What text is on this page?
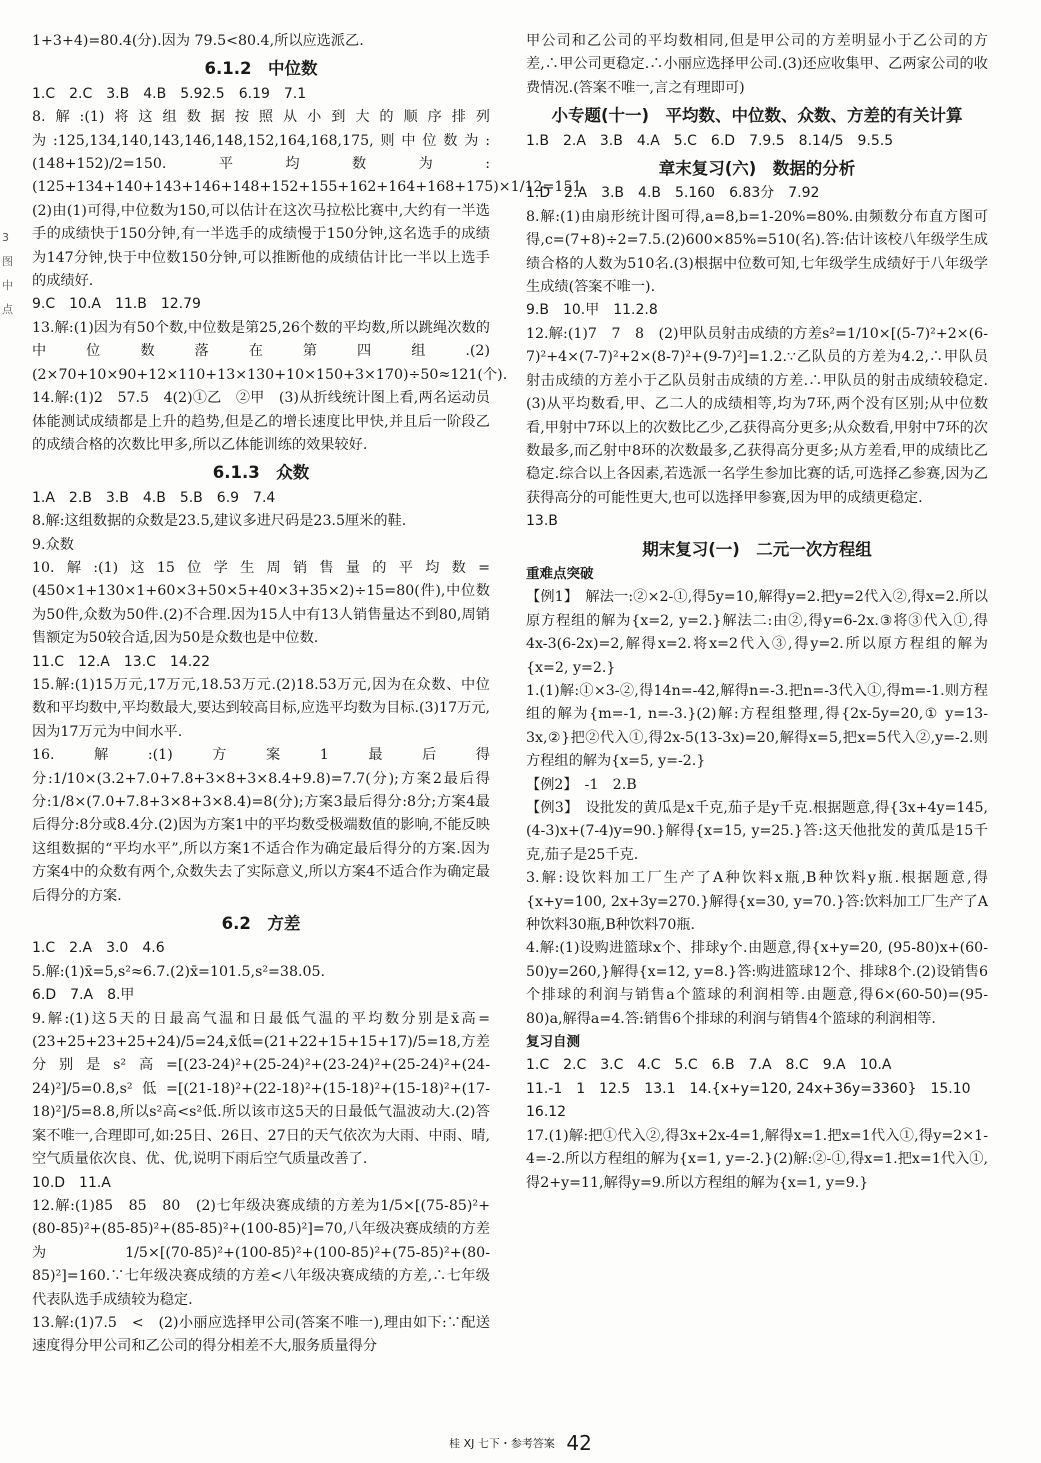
3
图
中
点

1+3+4)=80.4(分).因为 79.5<80.4,所以应选派乙.

6.1.2　中位数

1.C　2.C　3.B　4.B　5.92.5　6.19　7.1

8.解:(1)将这组数据按照从小到大的顺序排列为:125,134,140,143,146,148,152,164,168,175,则中位数为:(148+152)/2=150.平均数为:(125+134+140+143+146+148+152+155+162+164+168+175)×1/12=151.(2)由(1)可得,中位数为150,可以估计在这次马拉松比赛中,大约有一半选手的成绩快于150分钟,有一半选手的成绩慢于150分钟,这名选手的成绩为147分钟,快于中位数150分钟,可以推断他的成绩估计比一半以上选手的成绩好.

9.C　10.A　11.B　12.79

13.解:(1)因为有50个数,中位数是第25,26个数的平均数,所以跳绳次数的中位数落在第四组.(2)(2×70+10×90+12×110+13×130+10×150+3×170)÷50≈121(个).

14.解:(1)2　57.5　4(2)①乙　②甲　(3)从折线统计图上看,两名运动员体能测试成绩都是上升的趋势,但是乙的增长速度比甲快,并且后一阶段乙的成绩合格的次数比甲多,所以乙体能训练的效果较好.

6.1.3　众数

1.A　2.B　3.B　4.B　5.B　6.9　7.4

8.解:这组数据的众数是23.5,建议多进尺码是23.5厘米的鞋.

9.众数

10.解:(1)这15位学生周销售量的平均数=(450×1+130×1+60×3+50×5+40×3+35×2)÷15=80(件),中位数为50件,众数为50件.(2)不合理.因为15人中有13人销售量达不到80,周销售额定为50较合适,因为50是众数也是中位数.

11.C　12.A　13.C　14.22

15.解:(1)15万元,17万元,18.53万元.(2)18.53万元,因为在众数、中位数和平均数中,平均数最大,要达到较高目标,应选平均数为目标.(3)17万元,因为17万元为中间水平.

16.解:(1)方案1最后得分:1/10×(3.2+7.0+7.8+3×8+3×8.4+9.8)=7.7(分);方案2最后得分:1/8×(7.0+7.8+3×8+3×8.4)=8(分);方案3最后得分:8分;方案4最后得分:8分或8.4分.(2)因为方案1中的平均数受极端数值的影响,不能反映这组数据的“平均水平”,所以方案1不适合作为确定最后得分的方案.因为方案4中的众数有两个,众数失去了实际意义,所以方案4不适合作为确定最后得分的方案.

6.2　方差

1.C　2.A　3.0　4.6

5.解:(1)x̄=5,s²≈6.7.(2)x̄=101.5,s²=38.05.

6.D　7.A　8.甲

9.解:(1)这5天的日最高气温和日最低气温的平均数分别是x̄高=(23+25+23+25+24)/5=24,x̄低=(21+22+15+15+17)/5=18,方差分别是s²高=[(23-24)²+(25-24)²+(23-24)²+(25-24)²+(24-24)²]/5=0.8,s²低=[(21-18)²+(22-18)²+(15-18)²+(15-18)²+(17-18)²]/5=8.8,所以s²高<s²低.所以该市这5天的日最低气温波动大.(2)答案不唯一,合理即可,如:25日、26日、27日的天气依次为大雨、中雨、晴,空气质量依次良、优、优,说明下雨后空气质量改善了.

10.D　11.A

12.解:(1)85　85　80　(2)七年级决赛成绩的方差为1/5×[(75-85)²+(80-85)²+(85-85)²+(85-85)²+(100-85)²]=70,八年级决赛成绩的方差为1/5×[(70-85)²+(100-85)²+(100-85)²+(75-85)²+(80-85)²]=160.∵七年级决赛成绩的方差<八年级决赛成绩的方差,∴七年级代表队选手成绩较为稳定.

13.解:(1)7.5　<　(2)小丽应选择甲公司(答案不唯一),理由如下:∵配送速度得分甲公司和乙公司的得分相差不大,服务质量得分

甲公司和乙公司的平均数相同,但是甲公司的方差明显小于乙公司的方差,∴甲公司更稳定.∴小丽应选择甲公司.(3)还应收集甲、乙两家公司的收费情况.(答案不唯一,言之有理即可)

小专题(十一)　平均数、中位数、众数、方差的有关计算

1.B　2.A　3.B　4.A　5.C　6.D　7.9.5　8.14/5　9.5.5

章末复习(六)　数据的分析

1.D　2.A　3.B　4.B　5.160　6.83分　7.92

8.解:(1)由扇形统计图可得,a=8,b=1-20%=80%.由频数分布直方图可得,c=(7+8)÷2=7.5.(2)600×85%=510(名).答:估计该校八年级学生成绩合格的人数为510名.(3)根据中位数可知,七年级学生成绩好于八年级学生成绩(答案不唯一).

9.B　10.甲　11.2.8

12.解:(1)7　7　8　(2)甲队员射击成绩的方差s²=1/10×[(5-7)²+2×(6-7)²+4×(7-7)²+2×(8-7)²+(9-7)²]=1.2.∵乙队员的方差为4.2,∴甲队员射击成绩的方差小于乙队员射击成绩的方差.∴甲队员的射击成绩较稳定.(3)从平均数看,甲、乙二人的成绩相等,均为7环,两个没有区别;从中位数看,甲射中7环以上的次数比乙少,乙获得高分更多;从众数看,甲射中7环的次数最多,而乙射中8环的次数最多,乙获得高分更多;从方差看,甲的成绩比乙稳定.综合以上各因素,若选派一名学生参加比赛的话,可选择乙参赛,因为乙获得高分的可能性更大,也可以选择甲参赛,因为甲的成绩更稳定.

13.B

期末复习(一)　二元一次方程组

重难点突破

【例1】　解法一:②×2-①,得5y=10,解得y=2.把y=2代入②,得x=2.所以原方程组的解为{x=2, y=2.}解法二:由②,得y=6-2x.③将③代入①,得4x-3(6-2x)=2,解得x=2.将x=2代入③,得y=2.所以原方程组的解为{x=2, y=2.}

1.(1)解:①×3-②,得14n=-42,解得n=-3.把n=-3代入①,得m=-1.则方程组的解为{m=-1, n=-3.}(2)解:方程组整理,得{2x-5y=20,① y=13-3x,②}把②代入①,得2x-5(13-3x)=20,解得x=5,把x=5代入②,y=-2.则方程组的解为{x=5, y=-2.}

【例2】　-1　2.B

【例3】　设批发的黄瓜是x千克,茄子是y千克.根据题意,得{3x+4y=145, (4-3)x+(7-4)y=90.}解得{x=15, y=25.}答:这天他批发的黄瓜是15千克,茄子是25千克.

3.解:设饮料加工厂生产了A种饮料x瓶,B种饮料y瓶.根据题意,得{x+y=100, 2x+3y=270.}解得{x=30, y=70.}答:饮料加工厂生产了A种饮料30瓶,B种饮料70瓶.

4.解:(1)设购进篮球x个、排球y个.由题意,得{x+y=20, (95-80)x+(60-50)y=260,}解得{x=12, y=8.}答:购进篮球12个、排球8个.(2)设销售6个排球的利润与销售a个篮球的利润相等.由题意,得6×(60-50)=(95-80)a,解得a=4.答:销售6个排球的利润与销售4个篮球的利润相等.

复习自测

1.C　2.C　3.C　4.C　5.C　6.B　7.A　8.C　9.A　10.A

11.-1　1　12.5　13.1　14.{x+y=120, 24x+36y=3360}　15.10　16.12

17.(1)解:把①代入②,得3x+2x-4=1,解得x=1.把x=1代入①,得y=2×1-4=-2.所以方程组的解为{x=1, y=-2.}(2)解:②-①,得x=1.把x=1代入①,得2+y=11,解得y=9.所以方程组的解为{x=1, y=9.}

桂 XJ 七下・参考答案 42
